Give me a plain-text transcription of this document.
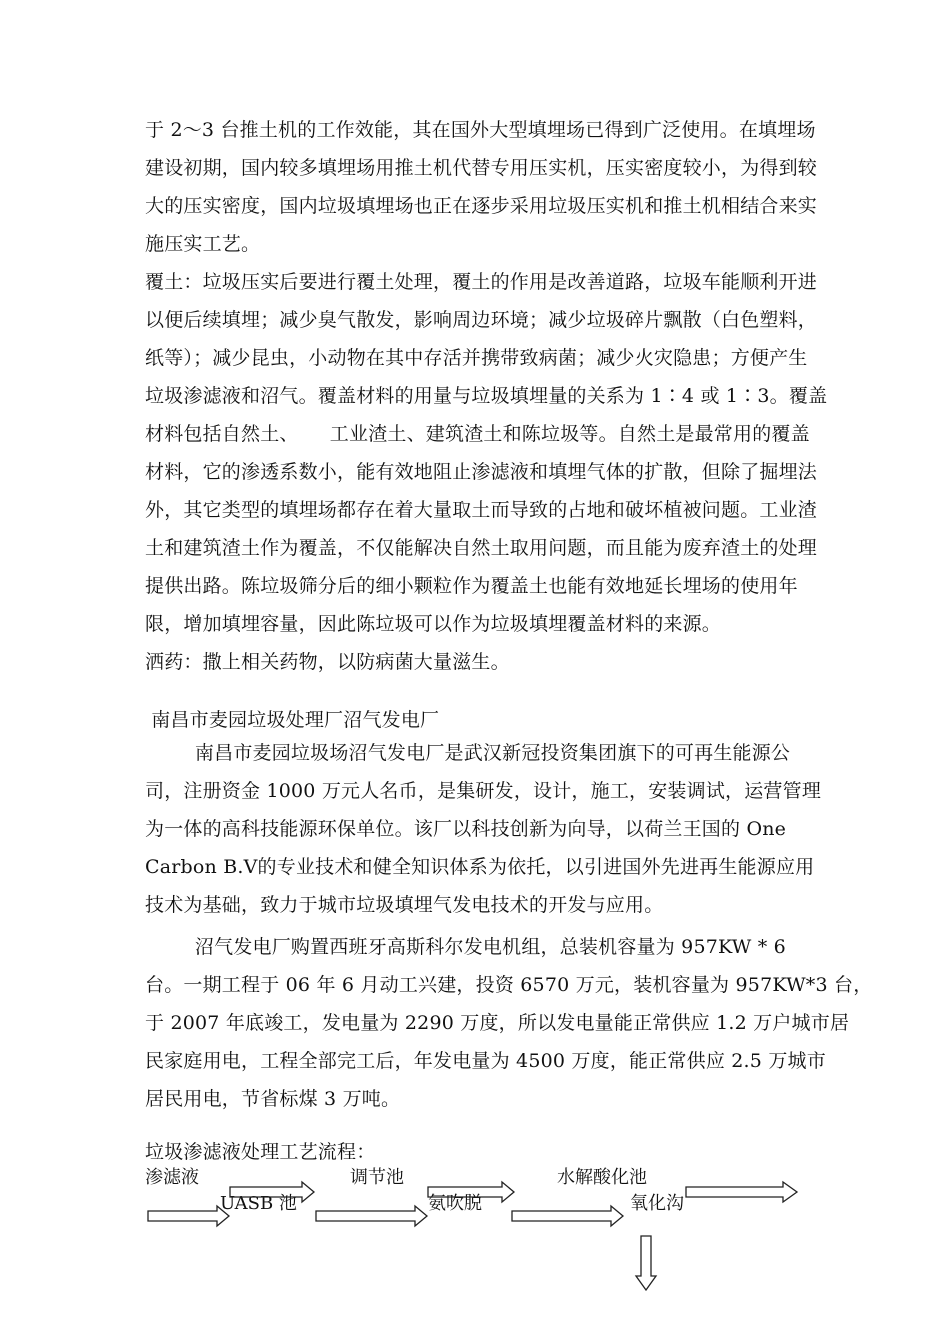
于 2～3 台推土机的工作效能，其在国外大型填埋场已得到广泛使用。在填埋场
建设初期，国内较多填埋场用推土机代替专用压实机，压实密度较小，为得到较
大的压实密度，国内垃圾填埋场也正在逐步采用垃圾压实机和推土机相结合来实
施压实工艺。
覆土：垃圾压实后要进行覆土处理，覆土的作用是改善道路，垃圾车能顺利开进
以便后续填埋；减少臭气散发，影响周边环境；减少垃圾碎片飘散（白色塑料，
纸等）；减少昆虫，小动物在其中存活并携带致病菌；减少火灾隐患；方便产生
垃圾渗滤液和沼气。覆盖材料的用量与垃圾填埋量的关系为 1∶4 或 1∶3。覆盖
材料包括自然土、     工业渣土、建筑渣土和陈垃圾等。自然土是最常用的覆盖
材料，它的渗透系数小，能有效地阻止渗滤液和填埋气体的扩散，但除了掘埋法
外，其它类型的填埋场都存在着大量取土而导致的占地和破坏植被问题。工业渣
土和建筑渣土作为覆盖，不仅能解决自然土取用问题，而且能为废弃渣土的处理
提供出路。陈垃圾筛分后的细小颗粒作为覆盖土也能有效地延长埋场的使用年
限，增加填埋容量，因此陈垃圾可以作为垃圾填埋覆盖材料的来源。
洒药：撒上相关药物，以防病菌大量滋生。
南昌市麦园垃圾处理厂沼气发电厂
南昌市麦园垃圾场沼气发电厂是武汉新冠投资集团旗下的可再生能源公
司，注册资金 1000 万元人名币，是集研发，设计，施工，安装调试，运营管理
为一体的高科技能源环保单位。该厂以科技创新为向导，以荷兰王国的 One
Carbon B.V的专业技术和健全知识体系为依托，以引进国外先进再生能源应用
技术为基础，致力于城市垃圾填埋气发电技术的开发与应用。
沼气发电厂购置西班牙高斯科尔发电机组，总装机容量为 957KW * 6
台。一期工程于 06 年 6 月动工兴建，投资 6570 万元，装机容量为 957KW*3 台，
于 2007 年底竣工，发电量为 2290 万度，所以发电量能正常供应 1.2 万户城市居
民家庭用电，工程全部完工后，年发电量为 4500 万度，能正常供应 2.5 万城市
居民用电，节省标煤 3 万吨。
垃圾渗滤液处理工艺流程：
渗滤液
UASB 池
调节池
氨吹脱
水解酸化池
氧化沟
